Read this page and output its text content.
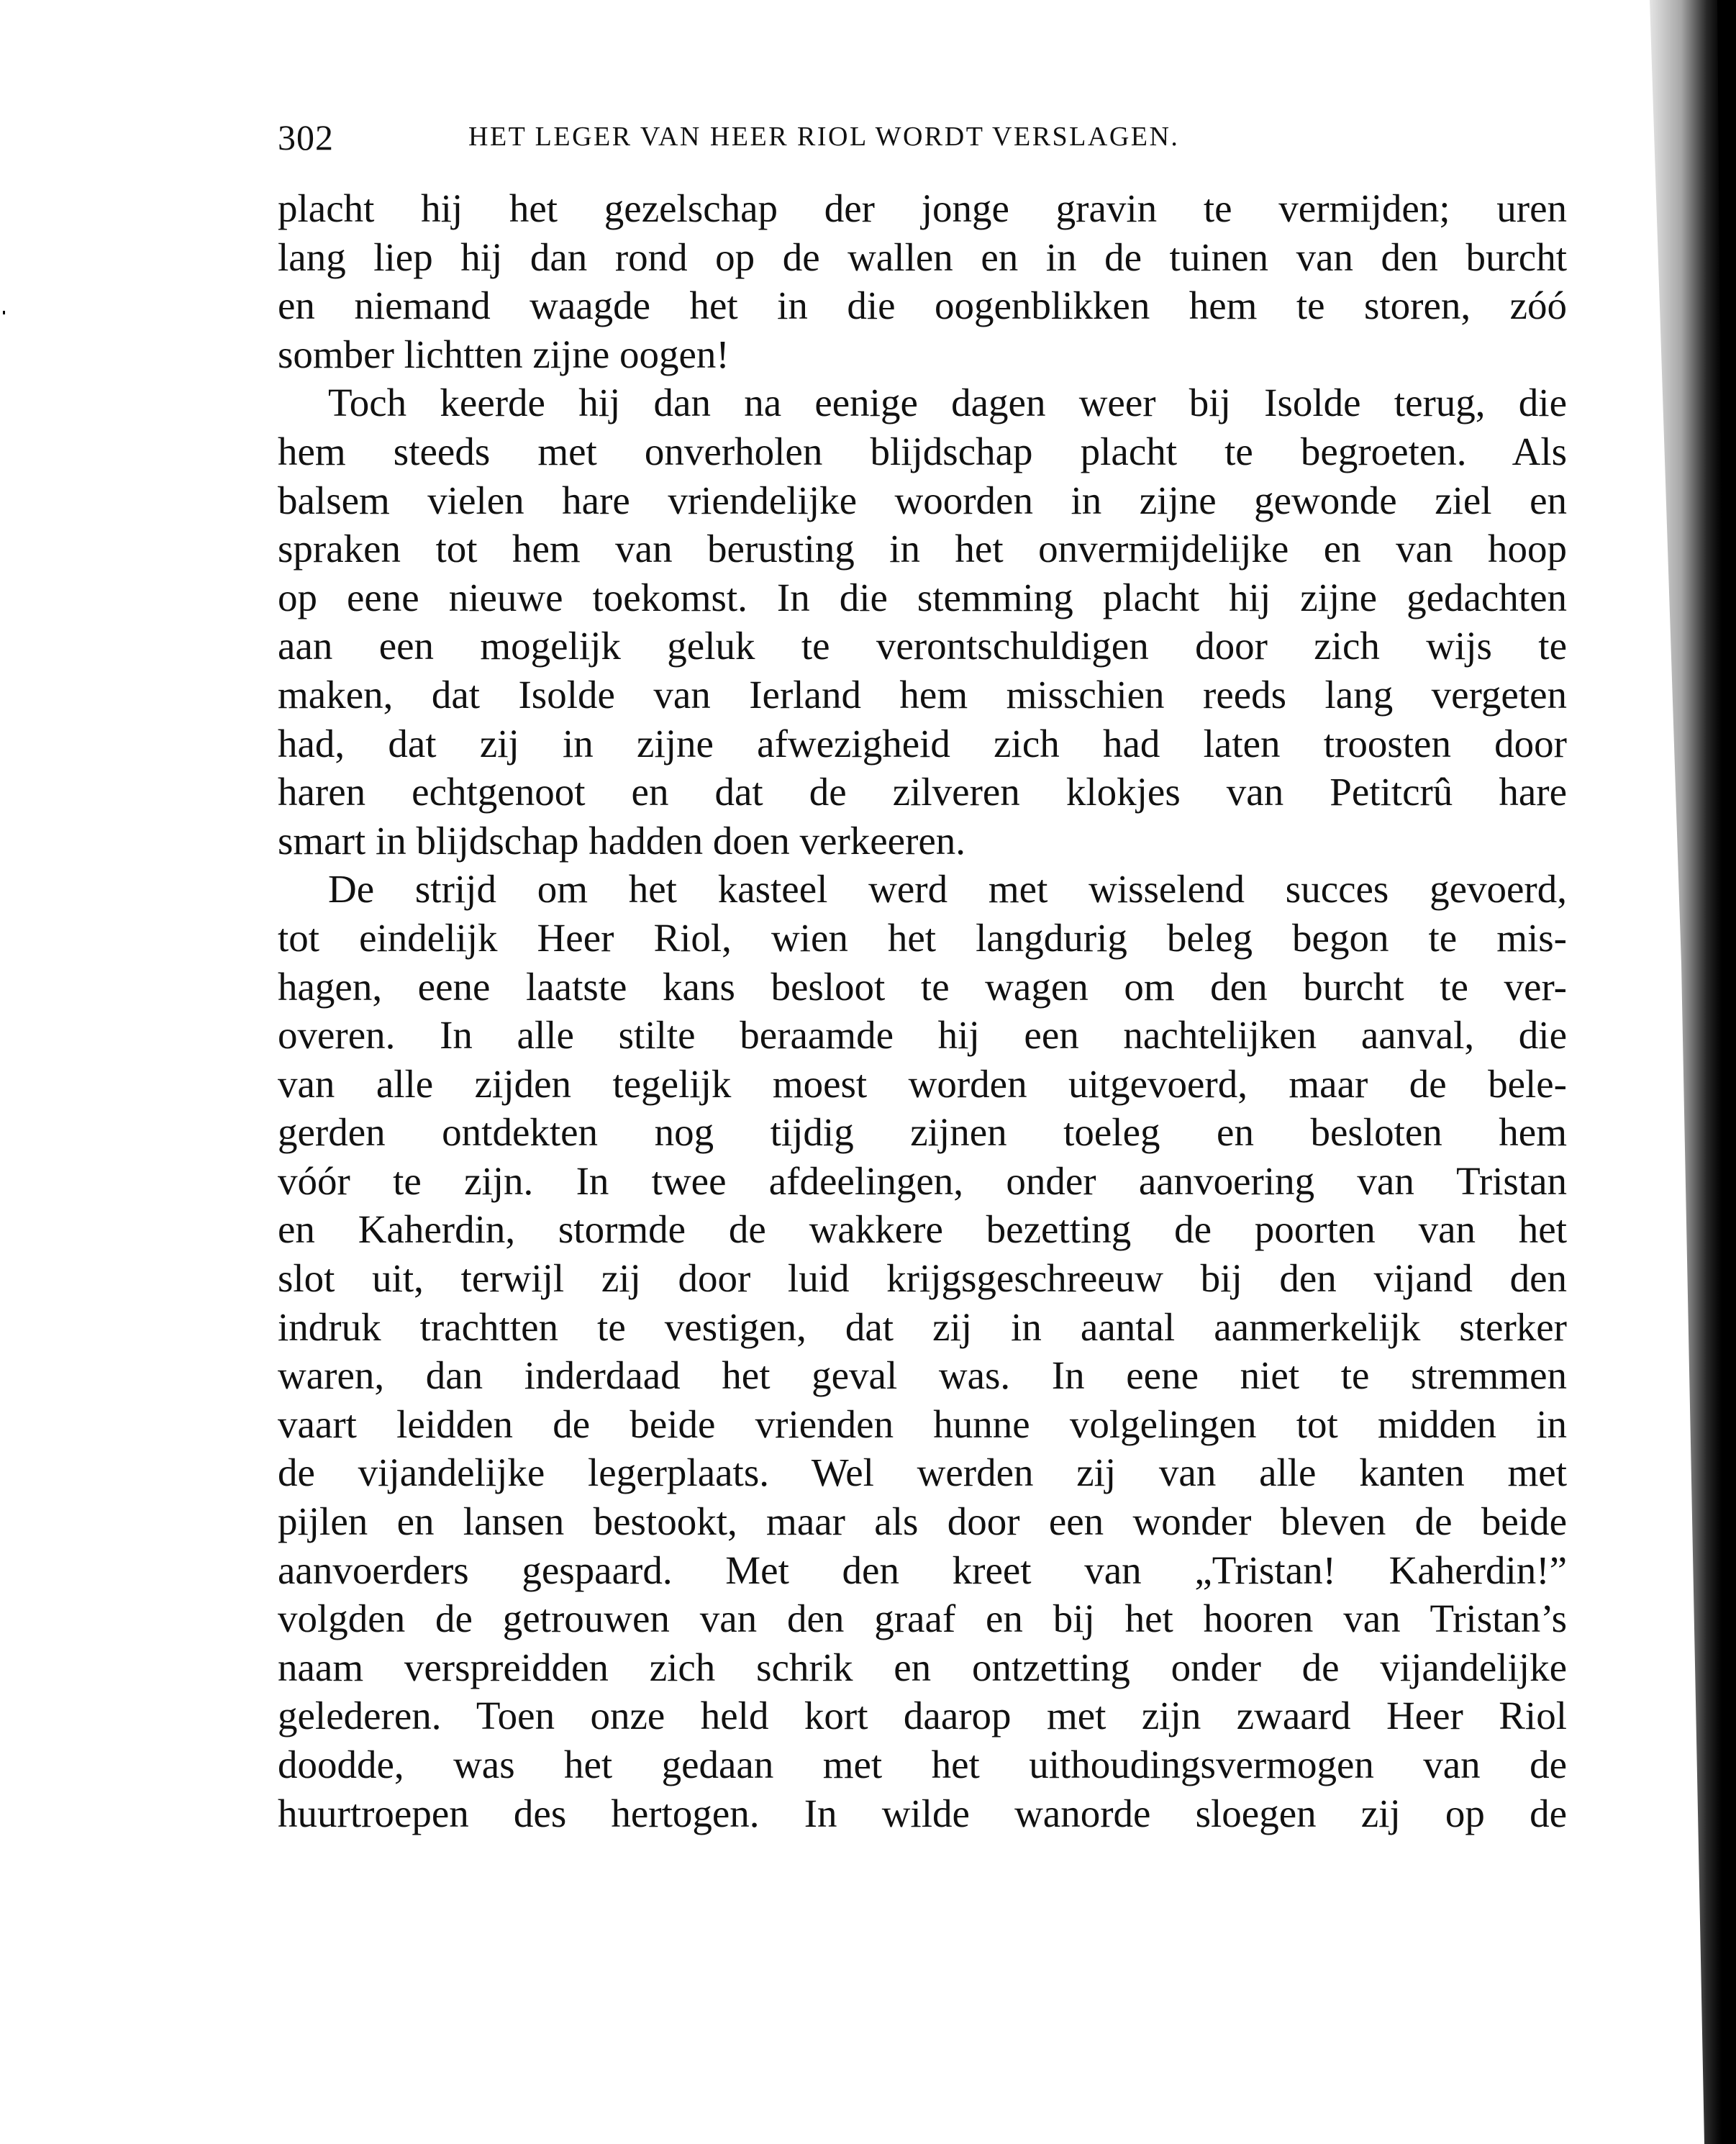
302	HET LEGER VAN HEER RIOL WORDT VERSLAGEN.
placht hij het gezelschap der jonge gravin te vermijden; uren
lang liep hij dan rond op de wallen en in de tuinen van den burcht
en niemand waagde het in die oogenblikken hem te storen, zóó
somber lichtten zijne oogen!
Toch keerde hij dan na eenige dagen weer bij Isolde terug, die
hem steeds met onverholen blijdschap placht te begroeten. Als
balsem vielen hare vriendelijke woorden in zijne gewonde ziel en
spraken tot hem van berusting in het onvermijdelijke en van hoop
op eene nieuwe toekomst. In die stemming placht hij zijne gedachten
aan een mogelijk geluk te verontschuldigen door zich wijs te
maken, dat Isolde van Ierland hem misschien reeds lang vergeten
had, dat zij in zijne afwezigheid zich had laten troosten door
haren echtgenoot en dat de zilveren klokjes van Petitcrû hare
smart in blijdschap hadden doen verkeeren.
De strijd om het kasteel werd met wisselend succes gevoerd,
tot eindelijk Heer Riol, wien het langdurig beleg begon te mis-
hagen, eene laatste kans besloot te wagen om den burcht te ver-
overen. In alle stilte beraamde hij een nachtelijken aanval, die
van alle zijden tegelijk moest worden uitgevoerd, maar de bele-
gerden ontdekten nog tijdig zijnen toeleg en besloten hem
vóór te zijn. In twee afdeelingen, onder aanvoering van Tristan
en Kaherdin, stormde de wakkere bezetting de poorten van het
slot uit, terwijl zij door luid krijgsgeschreeuw bij den vijand den
indruk trachtten te vestigen, dat zij in aantal aanmerkelijk sterker
waren, dan inderdaad het geval was. In eene niet te stremmen
vaart leidden de beide vrienden hunne volgelingen tot midden in
de vijandelijke legerplaats. Wel werden zij van alle kanten met
pijlen en lansen bestookt, maar als door een wonder bleven de beide
aanvoerders gespaard. Met den kreet van „Tristan! Kaherdin!”
volgden de getrouwen van den graaf en bij het hooren van Tristan’s
naam verspreidden zich schrik en ontzetting onder de vijandelijke
gelederen. Toen onze held kort daarop met zijn zwaard Heer Riol
doodde, was het gedaan met het uithoudingsvermogen van de
huurtroepen des hertogen. In wilde wanorde sloegen zij op de
